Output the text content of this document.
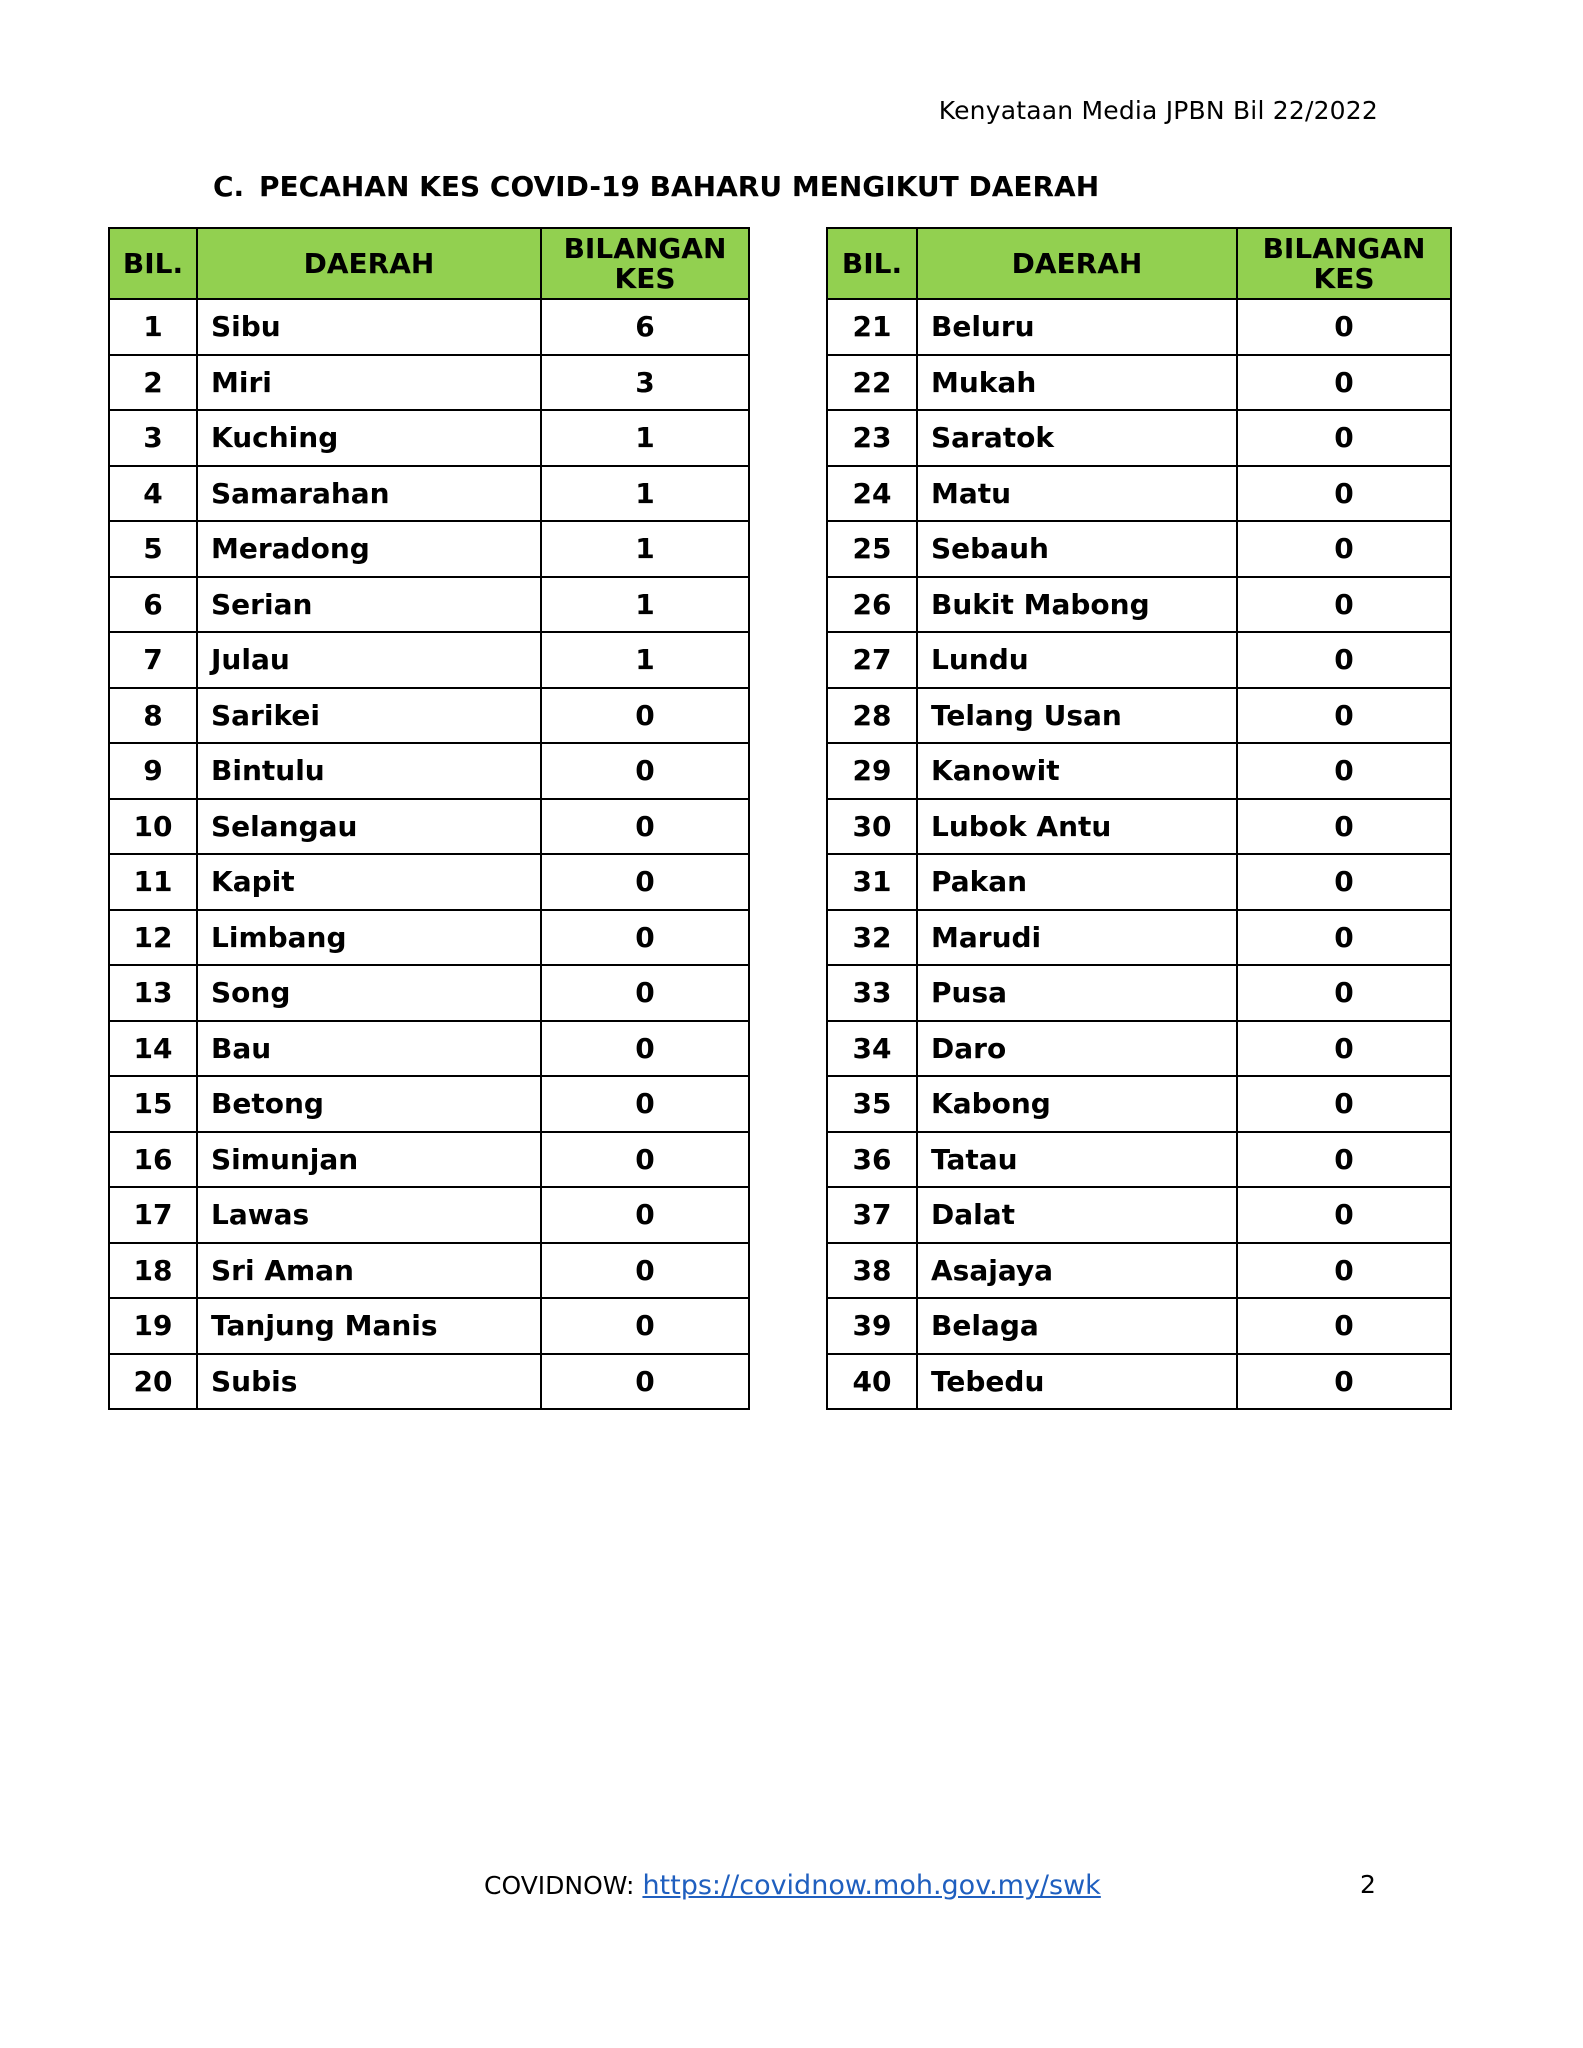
Kenyataan Media JPBN Bil 22/2022
C. PECAHAN KES COVID-19 BAHARU MENGIKUT DAERAH
BIL.	DAERAH	BILANGAN
KES
1	Sibu	6
2	Miri	3
3	Kuching	1
4	Samarahan	1
5	Meradong	1
6	Serian	1
7	Julau	1
8	Sarikei	0
9	Bintulu	0
10	Selangau	0
11	Kapit	0
12	Limbang	0
13	Song	0
14	Bau	0
15	Betong	0
16	Simunjan	0
17	Lawas	0
18	Sri Aman	0
19	Tanjung Manis	0
20	Subis	0
BIL.	DAERAH	BILANGAN
KES
21	Beluru	0
22	Mukah	0
23	Saratok	0
24	Matu	0
25	Sebauh	0
26	Bukit Mabong	0
27	Lundu	0
28	Telang Usan	0
29	Kanowit	0
30	Lubok Antu	0
31	Pakan	0
32	Marudi	0
33	Pusa	0
34	Daro	0
35	Kabong	0
36	Tatau	0
37	Dalat	0
38	Asajaya	0
39	Belaga	0
40	Tebedu	0
COVIDNOW: https://covidnow.moh.gov.my/swk	2
